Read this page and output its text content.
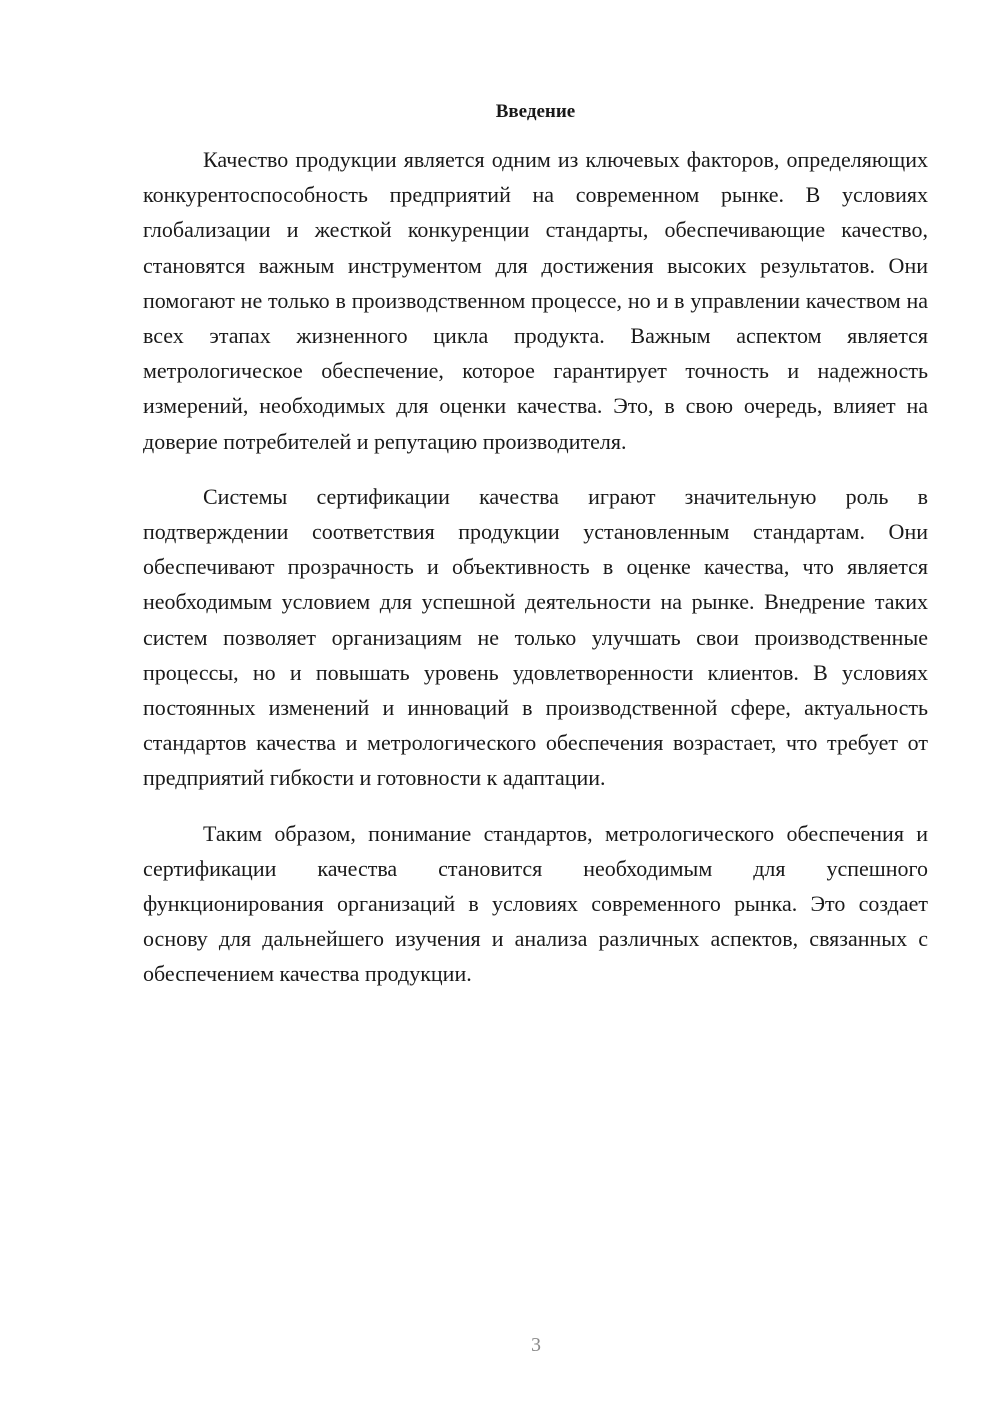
Введение

Качество продукции является одним из ключевых факторов, определяющих конкурентоспособность предприятий на современном рынке. В условиях глобализации и жесткой конкуренции стандарты, обеспечивающие качество, становятся важным инструментом для достижения высоких результатов. Они помогают не только в производственном процессе, но и в управлении качеством на всех этапах жизненного цикла продукта. Важным аспектом является метрологическое обеспечение, которое гарантирует точность и надежность измерений, необходимых для оценки качества. Это, в свою очередь, влияет на доверие потребителей и репутацию производителя.

Системы сертификации качества играют значительную роль в подтверждении соответствия продукции установленным стандартам. Они обеспечивают прозрачность и объективность в оценке качества, что является необходимым условием для успешной деятельности на рынке. Внедрение таких систем позволяет организациям не только улучшать свои производственные процессы, но и повышать уровень удовлетворенности клиентов. В условиях постоянных изменений и инноваций в производственной сфере, актуальность стандартов качества и метрологического обеспечения возрастает, что требует от предприятий гибкости и готовности к адаптации.

Таким образом, понимание стандартов, метрологического обеспечения и сертификации качества становится необходимым для успешного функционирования организаций в условиях современного рынка. Это создает основу для дальнейшего изучения и анализа различных аспектов, связанных с обеспечением качества продукции.

3
